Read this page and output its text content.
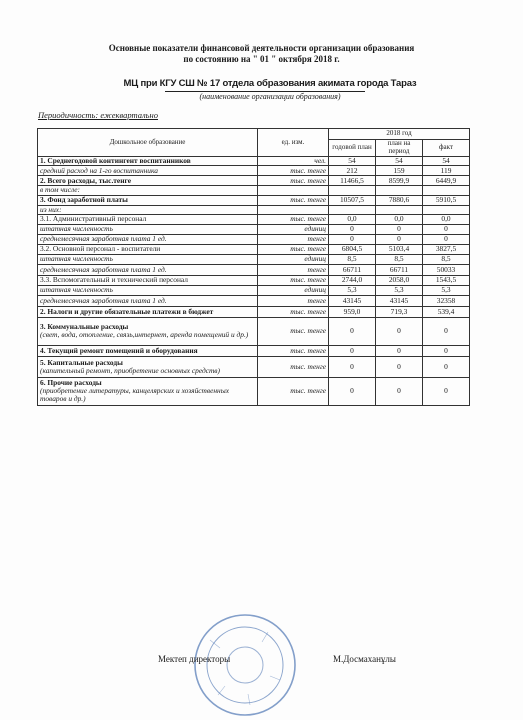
Основные показатели финансовой деятельности организации образования
по состоянию на " 01 " октября 2018 г.
МЦ при КГУ СШ № 17 отдела образования акимата города Тараз
(наименование организации образования)
Периодичность: ежеквартально
Дошкольное образование	ед. изм.	2018 год		
		годовой план	план на период	факт
1. Среднегодовой контингент воспитанников	чел.	54	54	54
средний расход на 1-го воспитанника	тыс. тенге	212	159	119
2. Всего расходы, тыс.тенге	тыс. тенге	11466,5	8599,9	6449,9
в том числе:				
3. Фонд заработной платы	тыс. тенге	10507,5	7880,6	5910,5
из них:				
3.1. Административный персонал	тыс. тенге	0,0	0,0	0,0
штатная численность	единиц	0	0	0
среднемесячная заработная плата 1 ед.	тенге	0	0	0
3.2. Основной персонал - воспитатели	тыс. тенге	6804,5	5103,4	3827,5
штатная численность	единиц	8,5	8,5	8,5
среднемесячная заработная плата 1 ед.	тенге	66711	66711	50033
3.3. Вспомогательный и технический персонал	тыс. тенге	2744,0	2058,0	1543,5
штатная численность	единиц	5,3	5,3	5,3
среднемесячная заработная плата 1 ед.	тенге	43145	43145	32358
2. Налоги и другие обязательные платежи в бюджет	тыс. тенге	959,0	719,3	539,4
3. Коммунальные расходы
(свет, вода, отопление, связь,интернет, аренда помещений и др.)	тыс. тенге	0	0	0
4. Текущий ремонт помещений и оборудования	тыс. тенге	0	0	0
5. Капитальные расходы
(капительный ремонт, приобретение основных средств)	тыс. тенге	0	0	0
6. Прочие расходы
(приобретение литературы, канцелярских и хозяйственных товаров и др.)	тыс. тенге	0	0	0
Мектеп директоры	М.Досмаханұлы
